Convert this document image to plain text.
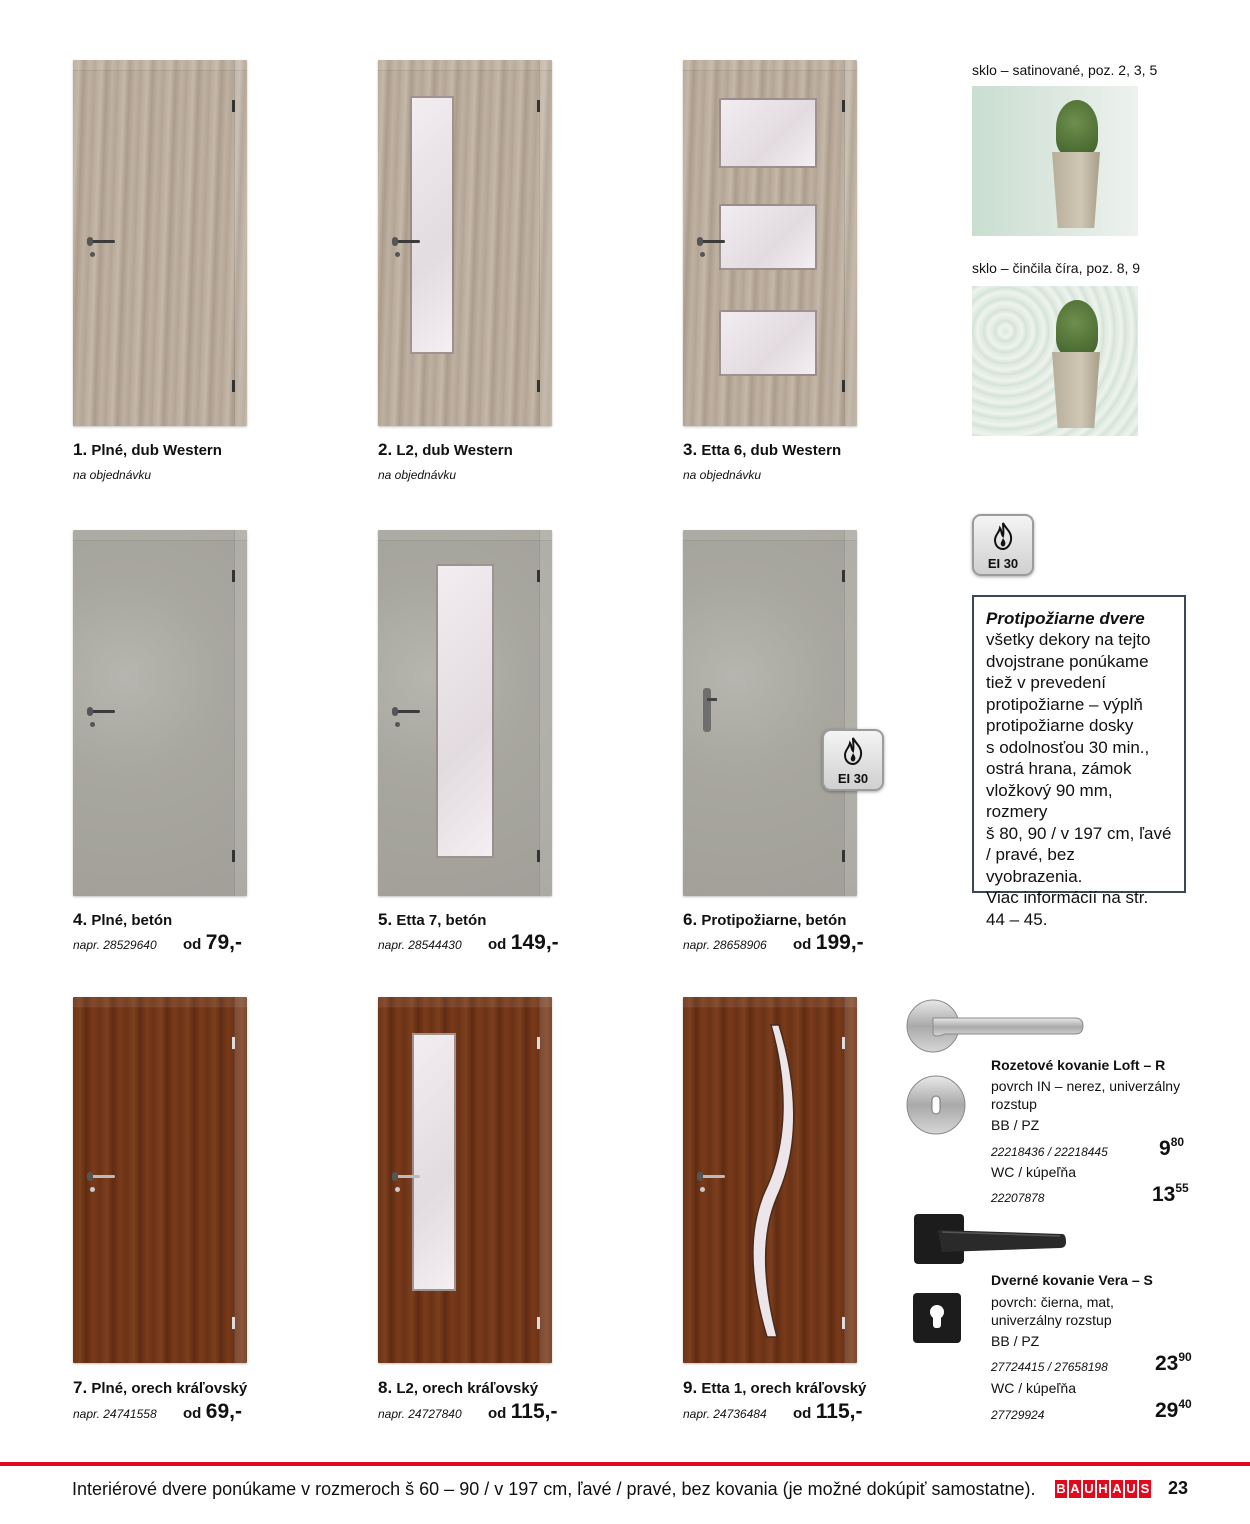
1. Plné, dub Western
na objednávku
2. L2, dub Western
na objednávku
3. Etta 6, dub Western
na objednávku
sklo – satinované, poz. 2, 3, 5
sklo – činčila číra, poz. 8, 9
4. Plné, betón
napr. 28529640 od 79,-
5. Etta 7, betón
napr. 28544430 od 149,-
6. Protipožiarne, betón
napr. 28658906 od 199,-
EI 30
EI 30
Protipožiarne dvere
všetky dekory na tejto
dvojstrane ponúkame
tiež v prevedení
protipožiarne – výplň
protipožiarne dosky
s odolnosťou 30 min.,
ostrá hrana, zámok
vložkový 90 mm, rozmery
š 80, 90 / v 197 cm, ľavé
/ pravé, bez vyobrazenia.
Viac informácií na str.
44 – 45.
7. Plné, orech kráľovský
napr. 24741558 od 69,-
8. L2, orech kráľovský
napr. 24727840 od 115,-
9. Etta 1, orech kráľovský
napr. 24736484 od 115,-
Rozetové kovanie Loft – R
povrch IN – nerez, univerzálny
rozstup
BB / PZ
22218436 / 22218445 $9^{80}$
WC / kúpeľňa
22207878	$13^{55}$
Dverné kovanie Vera – S
povrch: čierna, mat,
univerzálny rozstup
BB / PZ
27724415 / 27658198 $23^{90}$
WC / kúpeľňa
27729924	$29^{40}$
Interiérové dvere ponúkame v rozmeroch š 60 – 90 / v 197 cm, ľavé / pravé, bez kovania (je možné dokúpiť samostatne). B A U H A U S 23
